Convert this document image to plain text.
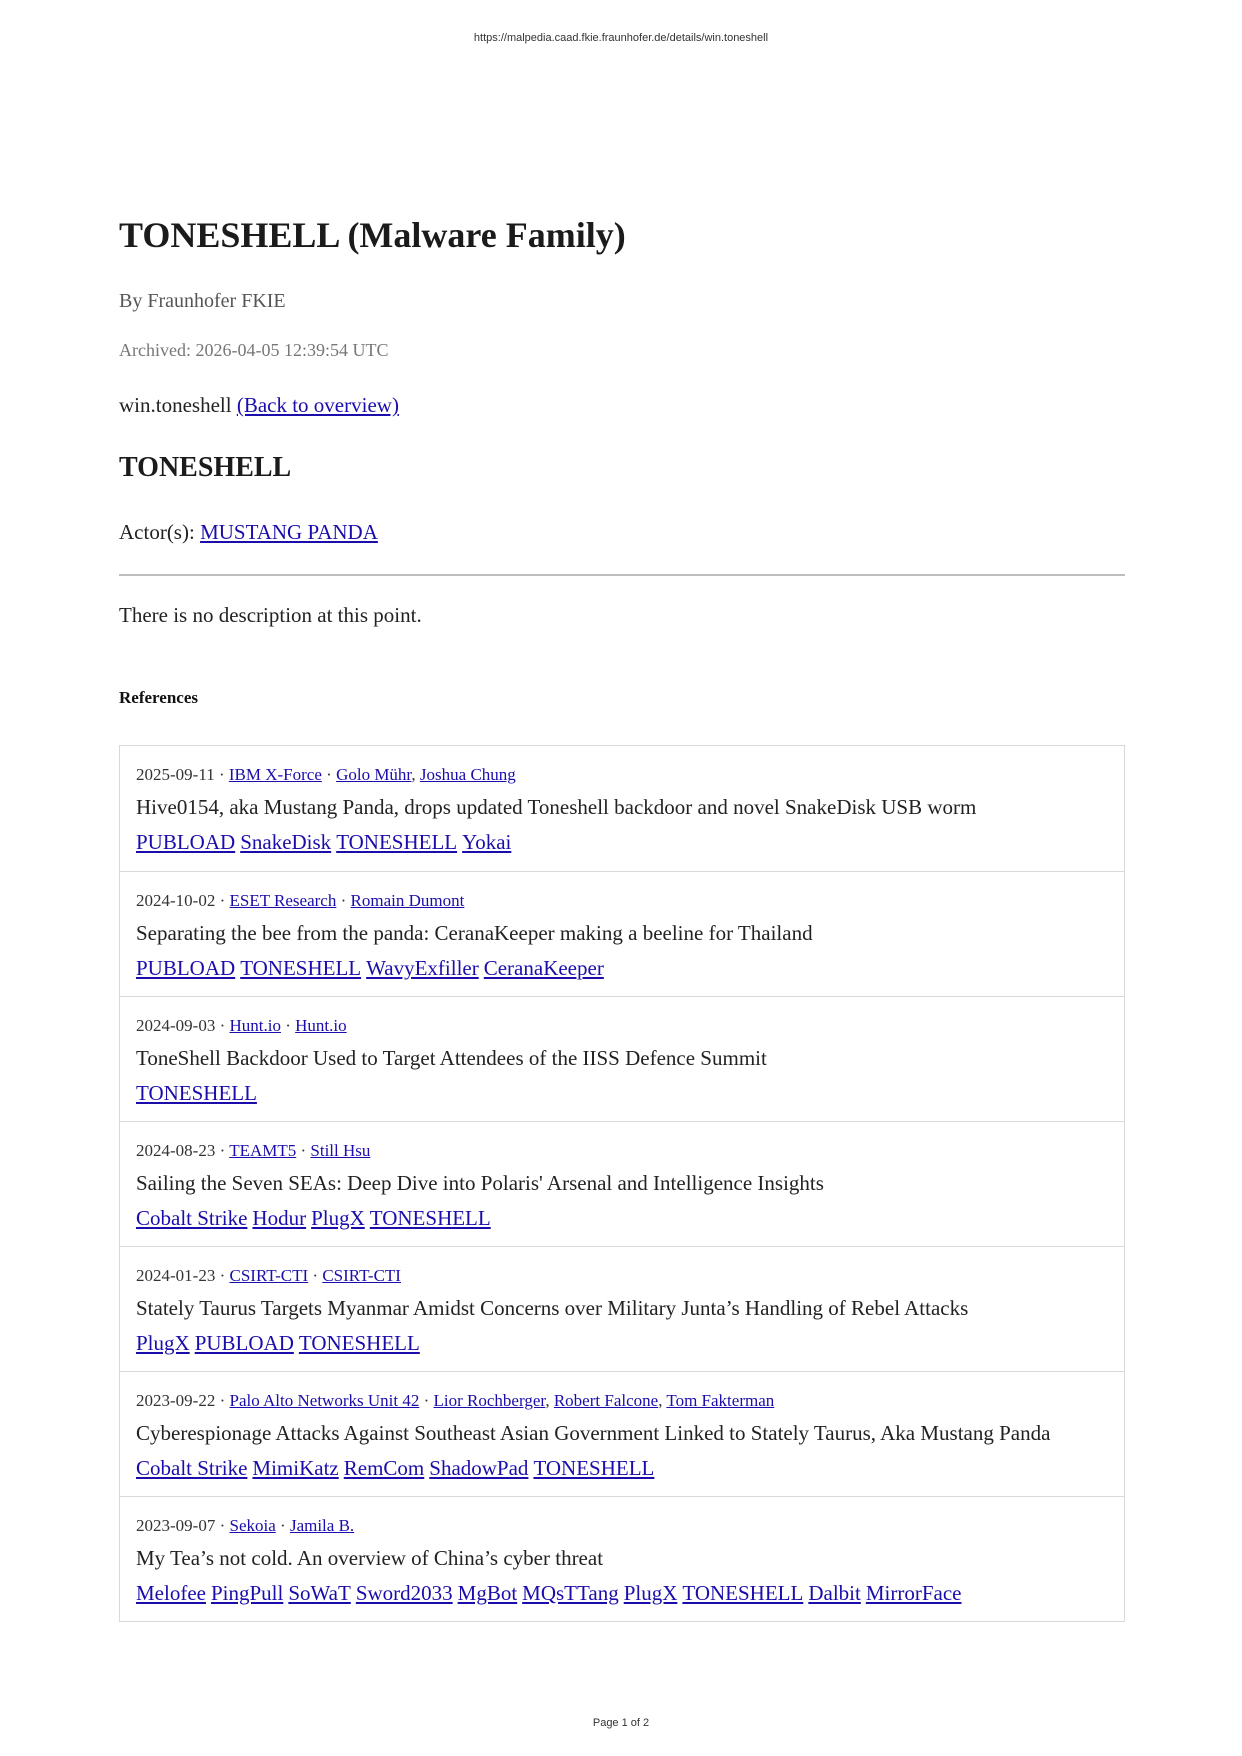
https://malpedia.caad.fkie.fraunhofer.de/details/win.toneshell
TONESHELL (Malware Family)
By Fraunhofer FKIE
Archived: 2026-04-05 12:39:54 UTC
win.toneshell (Back to overview)
TONESHELL
Actor(s): MUSTANG PANDA
There is no description at this point.
References
2025-09-11 · IBM X-Force · Golo Mühr, Joshua Chung
Hive0154, aka Mustang Panda, drops updated Toneshell backdoor and novel SnakeDisk USB worm
PUBLOAD SnakeDisk TONESHELL Yokai
2024-10-02 · ESET Research · Romain Dumont
Separating the bee from the panda: CeranaKeeper making a beeline for Thailand
PUBLOAD TONESHELL WavyExfiller CeranaKeeper
2024-09-03 · Hunt.io · Hunt.io
ToneShell Backdoor Used to Target Attendees of the IISS Defence Summit
TONESHELL
2024-08-23 · TEAMT5 · Still Hsu
Sailing the Seven SEAs: Deep Dive into Polaris' Arsenal and Intelligence Insights
Cobalt Strike Hodur PlugX TONESHELL
2024-01-23 · CSIRT-CTI · CSIRT-CTI
Stately Taurus Targets Myanmar Amidst Concerns over Military Junta’s Handling of Rebel Attacks
PlugX PUBLOAD TONESHELL
2023-09-22 · Palo Alto Networks Unit 42 · Lior Rochberger, Robert Falcone, Tom Fakterman
Cyberespionage Attacks Against Southeast Asian Government Linked to Stately Taurus, Aka Mustang Panda
Cobalt Strike MimiKatz RemCom ShadowPad TONESHELL
2023-09-07 · Sekoia · Jamila B.
My Tea’s not cold. An overview of China’s cyber threat
Melofee PingPull SoWaT Sword2033 MgBot MQsTTang PlugX TONESHELL Dalbit MirrorFace
Page 1 of 2
